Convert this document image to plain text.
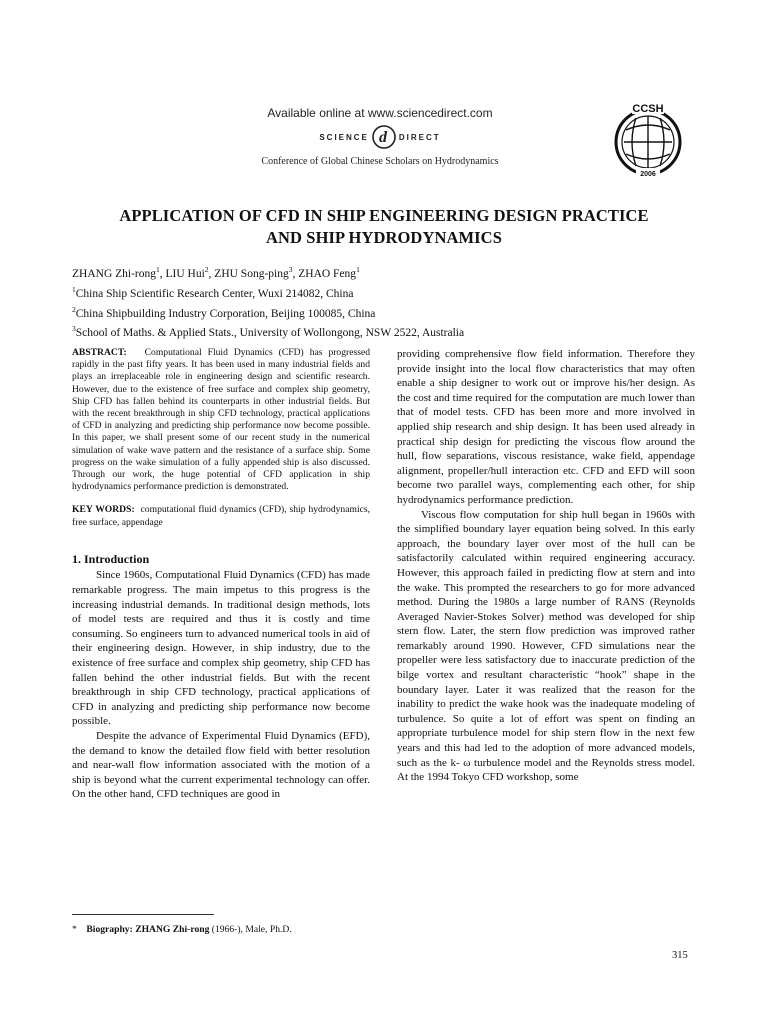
Available online at www.sciencedirect.com
SCIENCE d DIRECT
Conference of Global Chinese Scholars on Hydrodynamics
CCSH
2006
APPLICATION OF CFD IN SHIP ENGINEERING DESIGN PRACTICE
AND SHIP HYDRODYNAMICS
ZHANG Zhi-rong$^1$, LIU Hui$^2$, ZHU Song-ping$^3$, ZHAO Feng$^1$
$^1$China Ship Scientific Research Center, Wuxi 214082, China
$^2$China Shipbuilding Industry Corporation, Beijing 100085, China
$^3$School of Maths. & Applied Stats., University of Wollongong, NSW 2522, Australia

ABSTRACT: Computational Fluid Dynamics (CFD) has progressed rapidly in the past fifty years. It has been used in many industrial fields and plays an irreplaceable role in engineering design and scientific research. However, due to the existence of free surface and complex ship geometry, Ship CFD has fallen behind its counterparts in other industrial fields. But with the recent breakthrough in ship CFD technology, practical applications of CFD in analyzing and predicting ship performance now become possible. In this paper, we shall present some of our recent study in the numerical simulation of wake wave pattern and the resistance of a surface ship. Some progress on the wake simulation of a fully appended ship is also discussed. Through our work, the huge potential of CFD application in ship hydrodynamics performance prediction is demonstrated.

KEY WORDS: computational fluid dynamics (CFD), ship hydrodynamics, free surface, appendage

1. Introduction

Since 1960s, Computational Fluid Dynamics (CFD) has made remarkable progress. The main impetus to this progress is the increasing industrial demands. In traditional design methods, lots of model tests are required and thus it is costly and time consuming. So engineers turn to advanced numerical tools in aid of their engineering design. However, in ship industry, due to the existence of free surface and complex ship geometry, ship CFD has fallen behind the other industrial fields. But with the recent breakthrough in ship CFD technology, practical applications of CFD in analyzing and predicting ship performance now become possible.

Despite the advance of Experimental Fluid Dynamics (EFD), the demand to know the detailed flow field with better resolution and near-wall flow information associated with the motion of a ship is beyond what the current experimental technology can offer. On the other hand, CFD techniques are good in

providing comprehensive flow field information. Therefore they provide insight into the local flow characteristics that may often enable a ship designer to work out or improve his/her design. As the cost and time required for the computation are much lower than that of model tests. CFD has been more and more involved in applied ship research and ship design. It has been used already in practical ship design for predicting the viscous flow around the hull, flow separations, viscous resistance, wake field, appendage alignment, propeller/hull interaction etc. CFD and EFD will soon become two parallel ways, complementing each other, for ship hydrodynamics performance prediction.

Viscous flow computation for ship hull began in 1960s with the simplified boundary layer equation being solved. In this early approach, the boundary layer over most of the hull can be satisfactorily calculated within required engineering accuracy. However, this approach failed in predicting flow at stern and into the wake. This prompted the researchers to go for more advanced method. During the 1980s a large number of RANS (Reynolds Averaged Navier-Stokes Solver) method was developed for ship stern flow. Later, the stern flow prediction was improved rather remarkably around 1990. However, CFD simulations near the propeller were less satisfactory due to inaccurate prediction of the bilge vortex and resultant characteristic “hook” shape in the boundary layer. Later it was realized that the reason for the inability to predict the wake hook was the inadequate modeling of turbulence. So quite a lot of effort was spent on finding an appropriate turbulence model for ship stern flow in the next few years and this had led to the adoption of more advanced models, such as the k- ω turbulence model and the Reynolds stress model. At the 1994 Tokyo CFD workshop, some

* Biography: ZHANG Zhi-rong (1966-), Male, Ph.D.
315
